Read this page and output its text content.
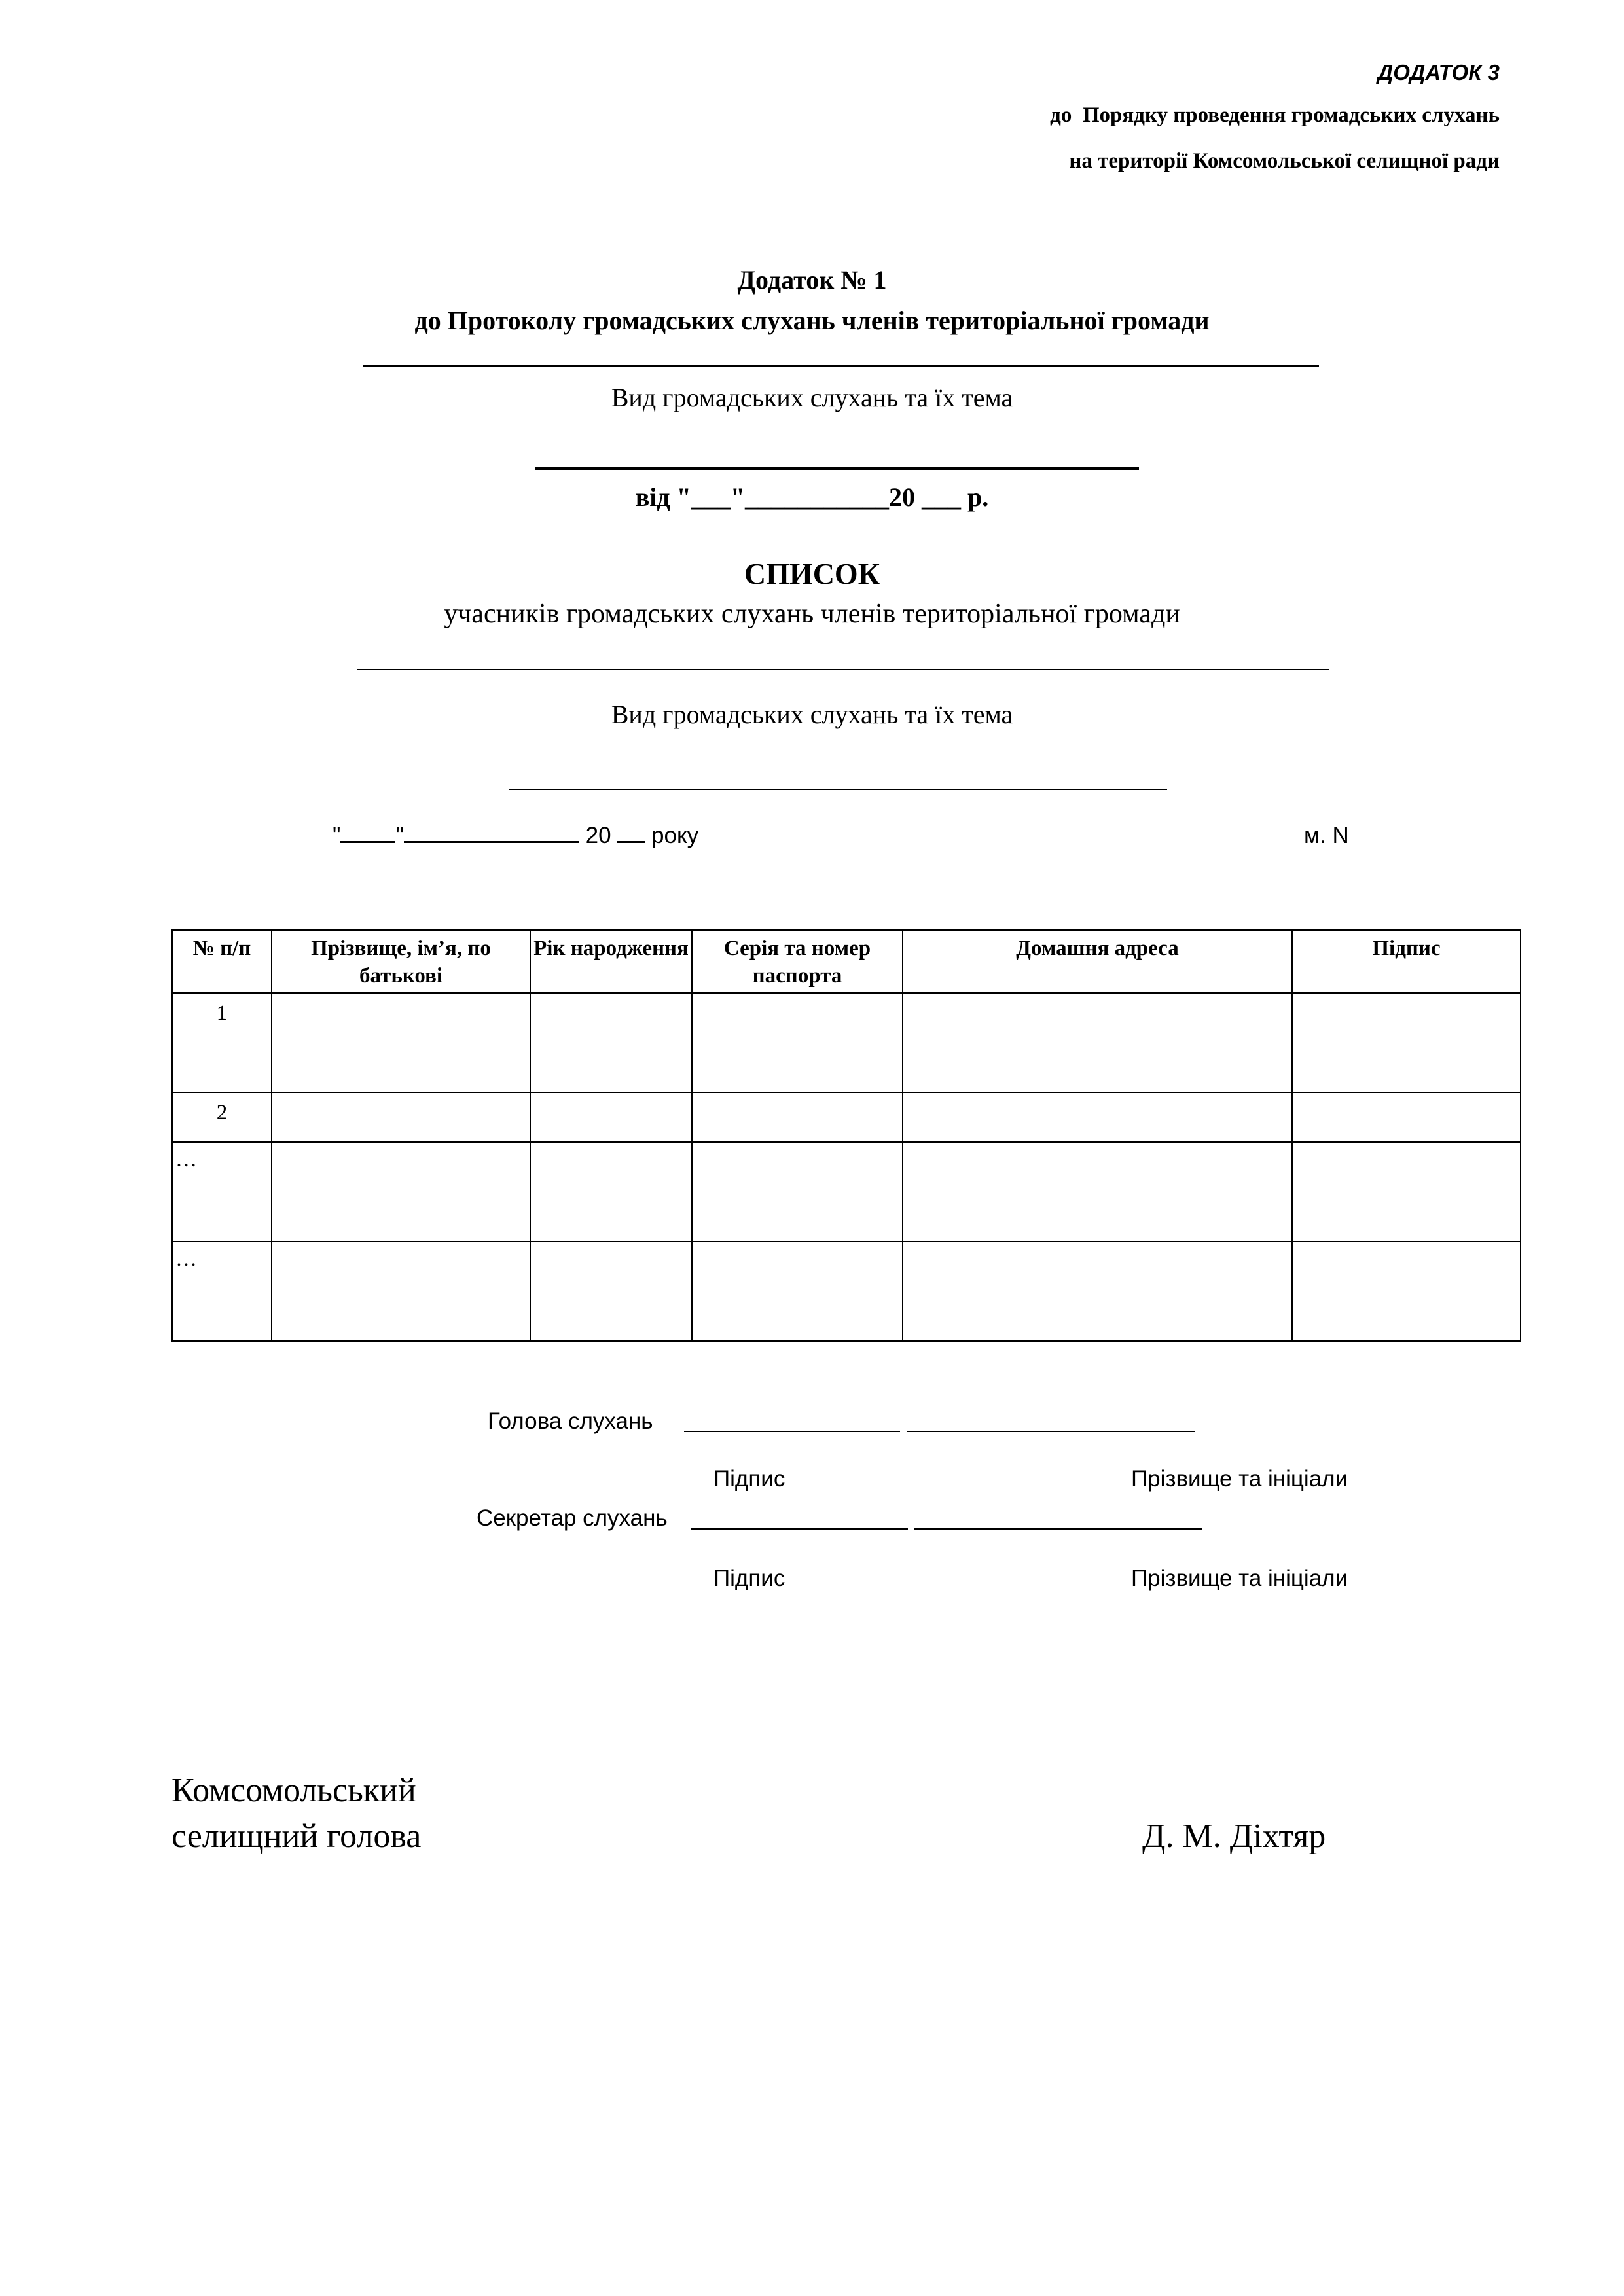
ДОДАТОК 3
до  Порядку проведення громадських слухань
на території Комсомольської селищної ради
Додаток № 1
до Протоколу громадських слухань членів територіальної громади
Вид громадських слухань та їх тема
від "___"___________20 ___ р.
СПИСОК
учасників громадських слухань членів територіальної громади
Вид громадських слухань та їх тема
" "	20 року	м. N
№ п/п	Прізвище, ім’я, по батькові	Рік народження	Серія та номер паспорта	Домашня адреса	Підпис
1					
2					
…					
…					
Голова слухань
Підпис	Прізвище та ініціали
Секретар слухань
Підпис	Прізвище та ініціали
Комсомольський
селищний голова	Д. М. Діхтяр
